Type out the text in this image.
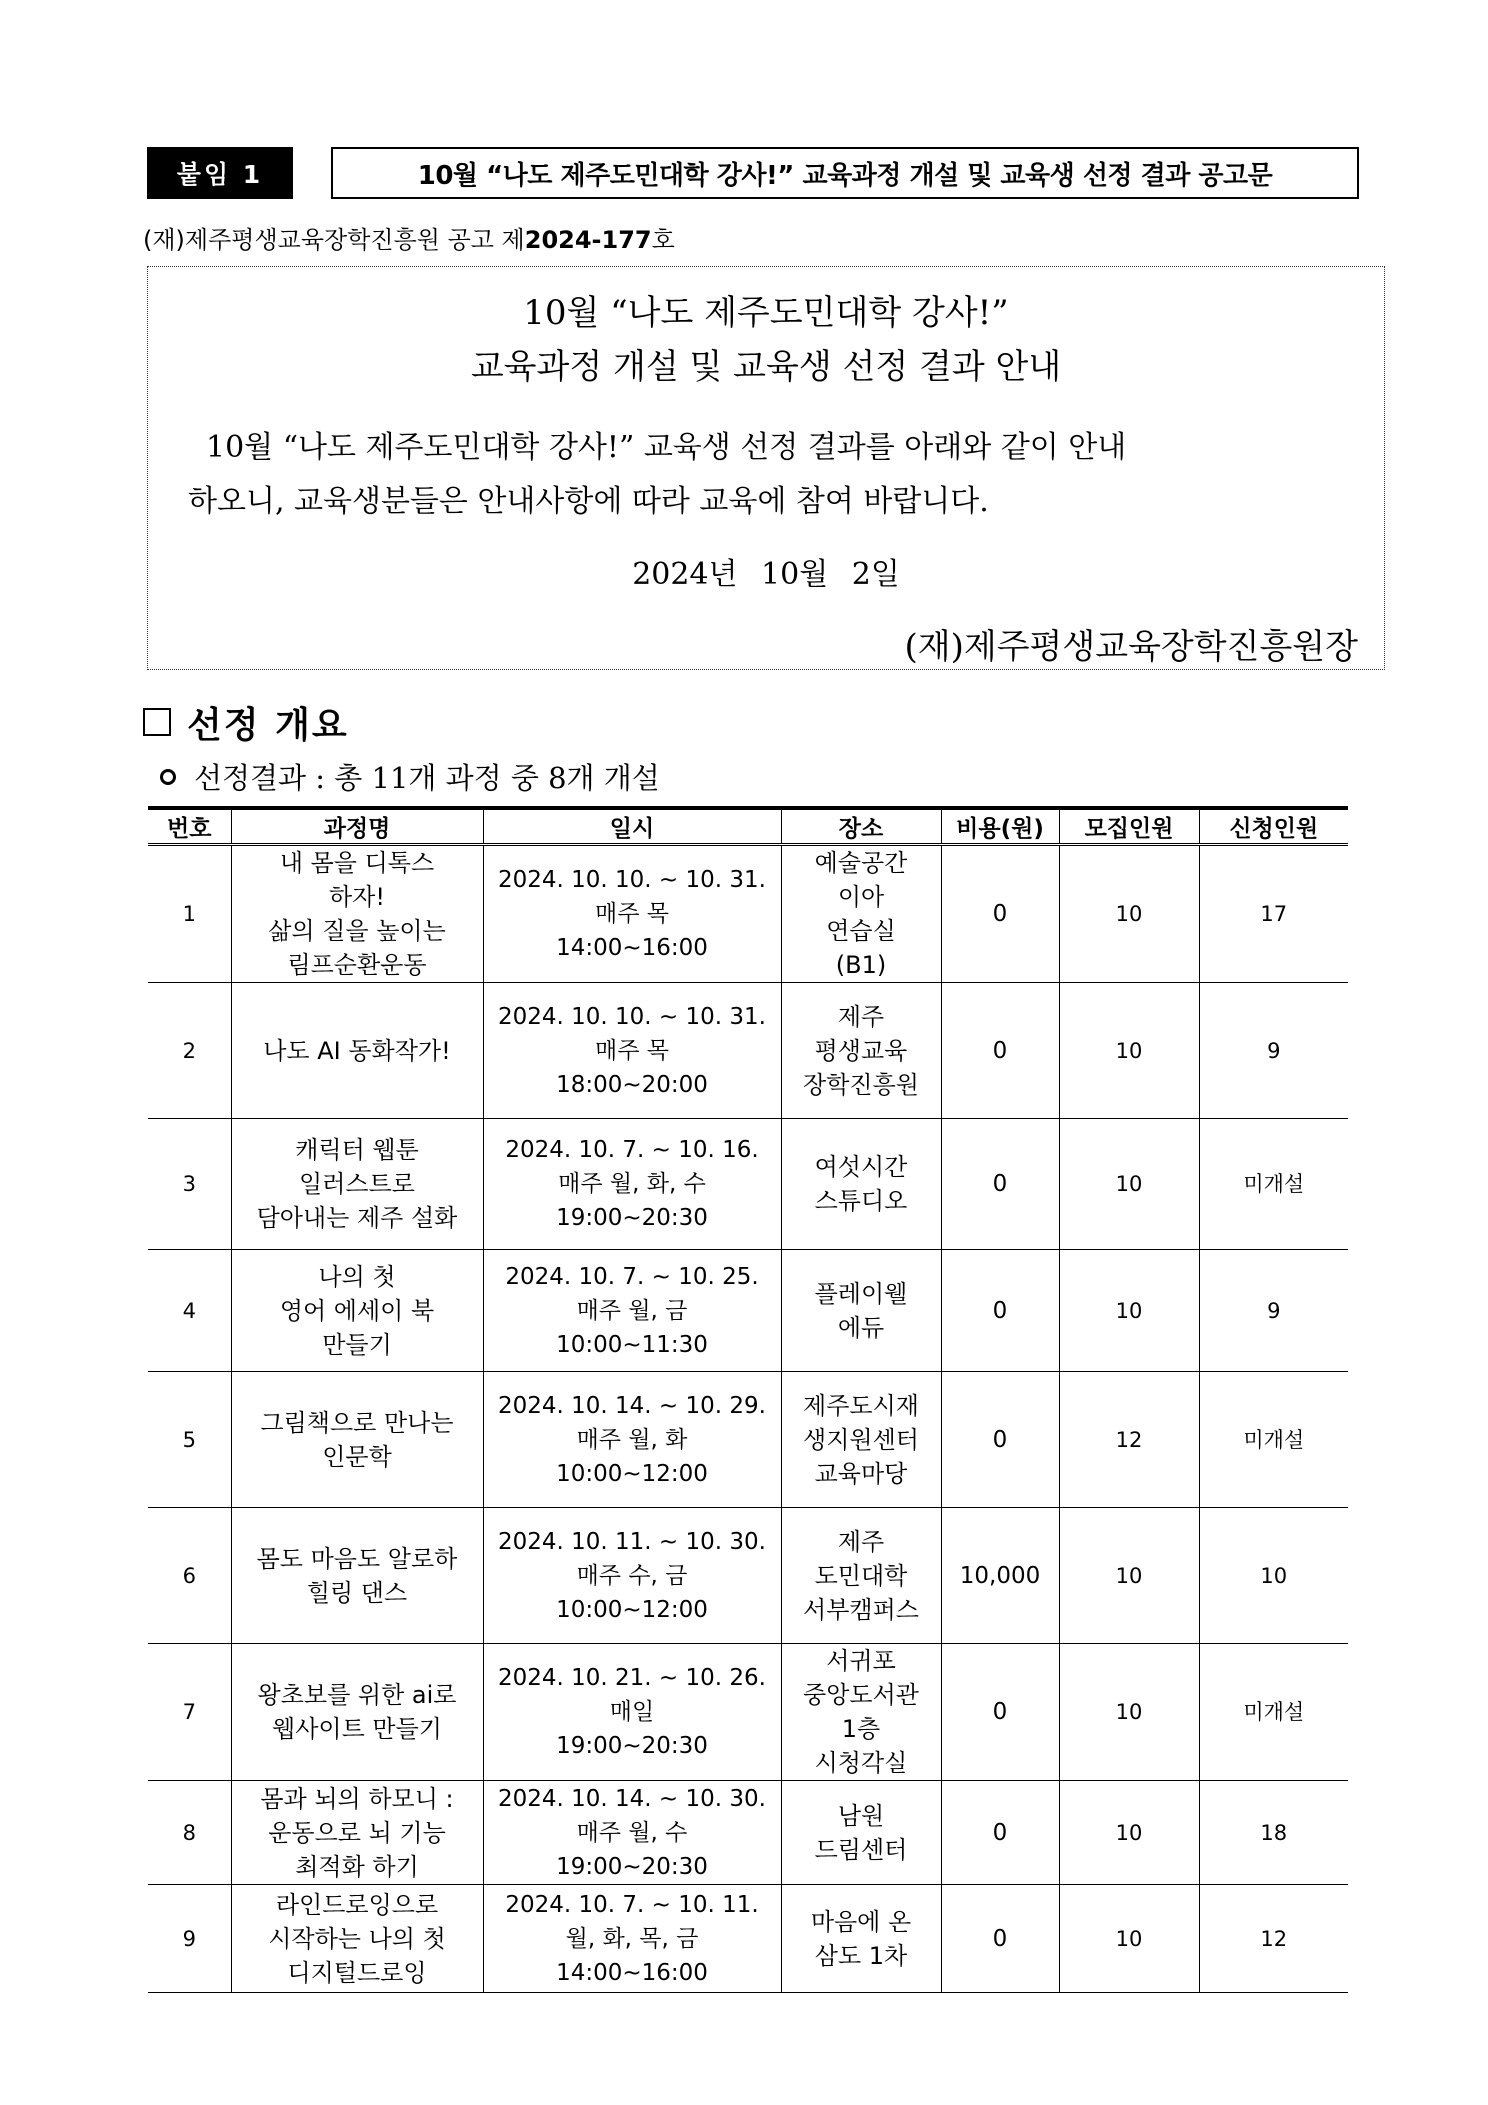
붙임 1	10월 “나도 제주도민대학 강사!” 교육과정 개설 및 교육생 선정 결과 공고문
(재)제주평생교육장학진흥원 공고 제2024-177호
10월 “나도 제주도민대학 강사!”
교육과정 개설 및 교육생 선정 결과 안내
10월 “나도 제주도민대학 강사!” 교육생 선정 결과를 아래와 같이 안내
하오니, 교육생분들은 안내사항에 따라 교육에 참여 바랍니다.
2024년 10월 2일
(재)제주평생교육장학진흥원장
선정 개요
선정결과 : 총 11개 과정 중 8개 개설
번호	과정명	일시	장소	비용(원)	모집인원	신청인원
1	내 몸을 디톡스
하자!
삶의 질을 높이는
림프순환운동	2024. 10. 10. ~ 10. 31.
매주 목
14:00~16:00	예술공간
이아
연습실
(B1)	0	10	17
2	나도 AI 동화작가!	2024. 10. 10. ~ 10. 31.
매주 목
18:00~20:00	제주
평생교육
장학진흥원	0	10	9
3	캐릭터 웹툰
일러스트로
담아내는 제주 설화	2024. 10. 7. ~ 10. 16.
매주 월, 화, 수
19:00~20:30	여섯시간
스튜디오	0	10	미개설
4	나의 첫
영어 에세이 북
만들기	2024. 10. 7. ~ 10. 25.
매주 월, 금
10:00~11:30	플레이웰
에듀	0	10	9
5	그림책으로 만나는
인문학	2024. 10. 14. ~ 10. 29.
매주 월, 화
10:00~12:00	제주도시재
생지원센터
교육마당	0	12	미개설
6	몸도 마음도 알로하
힐링 댄스	2024. 10. 11. ~ 10. 30.
매주 수, 금
10:00~12:00	제주
도민대학
서부캠퍼스	10,000	10	10
7	왕초보를 위한 ai로
웹사이트 만들기	2024. 10. 21. ~ 10. 26.
매일
19:00~20:30	서귀포
중앙도서관
1층
시청각실	0	10	미개설
8	몸과 뇌의 하모니 :
운동으로 뇌 기능
최적화 하기	2024. 10. 14. ~ 10. 30.
매주 월, 수
19:00~20:30	남원
드림센터	0	10	18
9	라인드로잉으로
시작하는 나의 첫
디지털드로잉	2024. 10. 7. ~ 10. 11.
월, 화, 목, 금
14:00~16:00	마음에 온
삼도 1차	0	10	12
